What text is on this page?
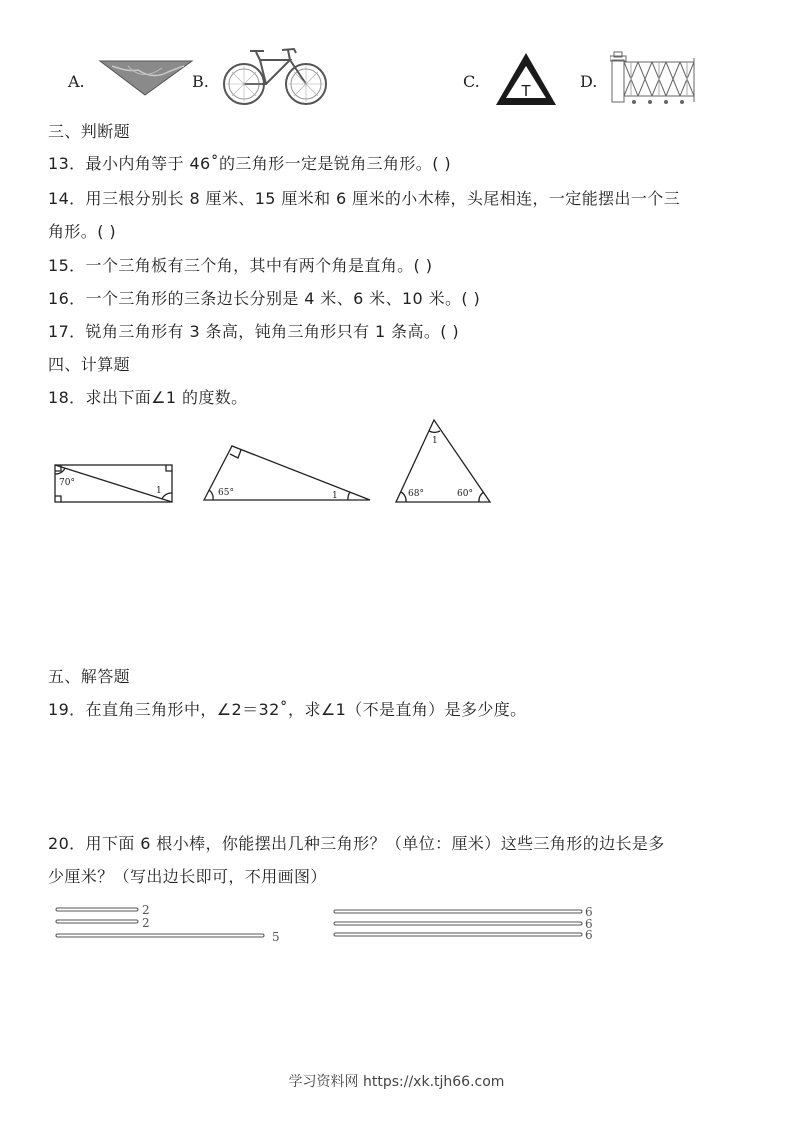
A.	B.	C.
T
D.
三、判断题
13．最小内角等于 46˚的三角形一定是锐角三角形。( )
14．用三根分别长 8 厘米、15 厘米和 6 厘米的小木棒，头尾相连，一定能摆出一个三
角形。( )
15．一个三角板有三个角，其中有两个角是直角。( )
16．一个三角形的三条边长分别是 4 米、6 米、10 米。( )
17．锐角三角形有 3 条高，钝角三角形只有 1 条高。( )
四、计算题
18．求出下面∠1 的度数。
70°
1	65°	1
1
68°	60°
五、解答题
19．在直角三角形中，∠2＝32˚，求∠1（不是直角）是多少度。
20．用下面 6 根小棒，你能摆出几种三角形？（单位：厘米）这些三角形的边长是多
少厘米？（写出边长即可，不用画图）
2
2
5
6
6
6
学习资料网 https://xk.tjh66.com
